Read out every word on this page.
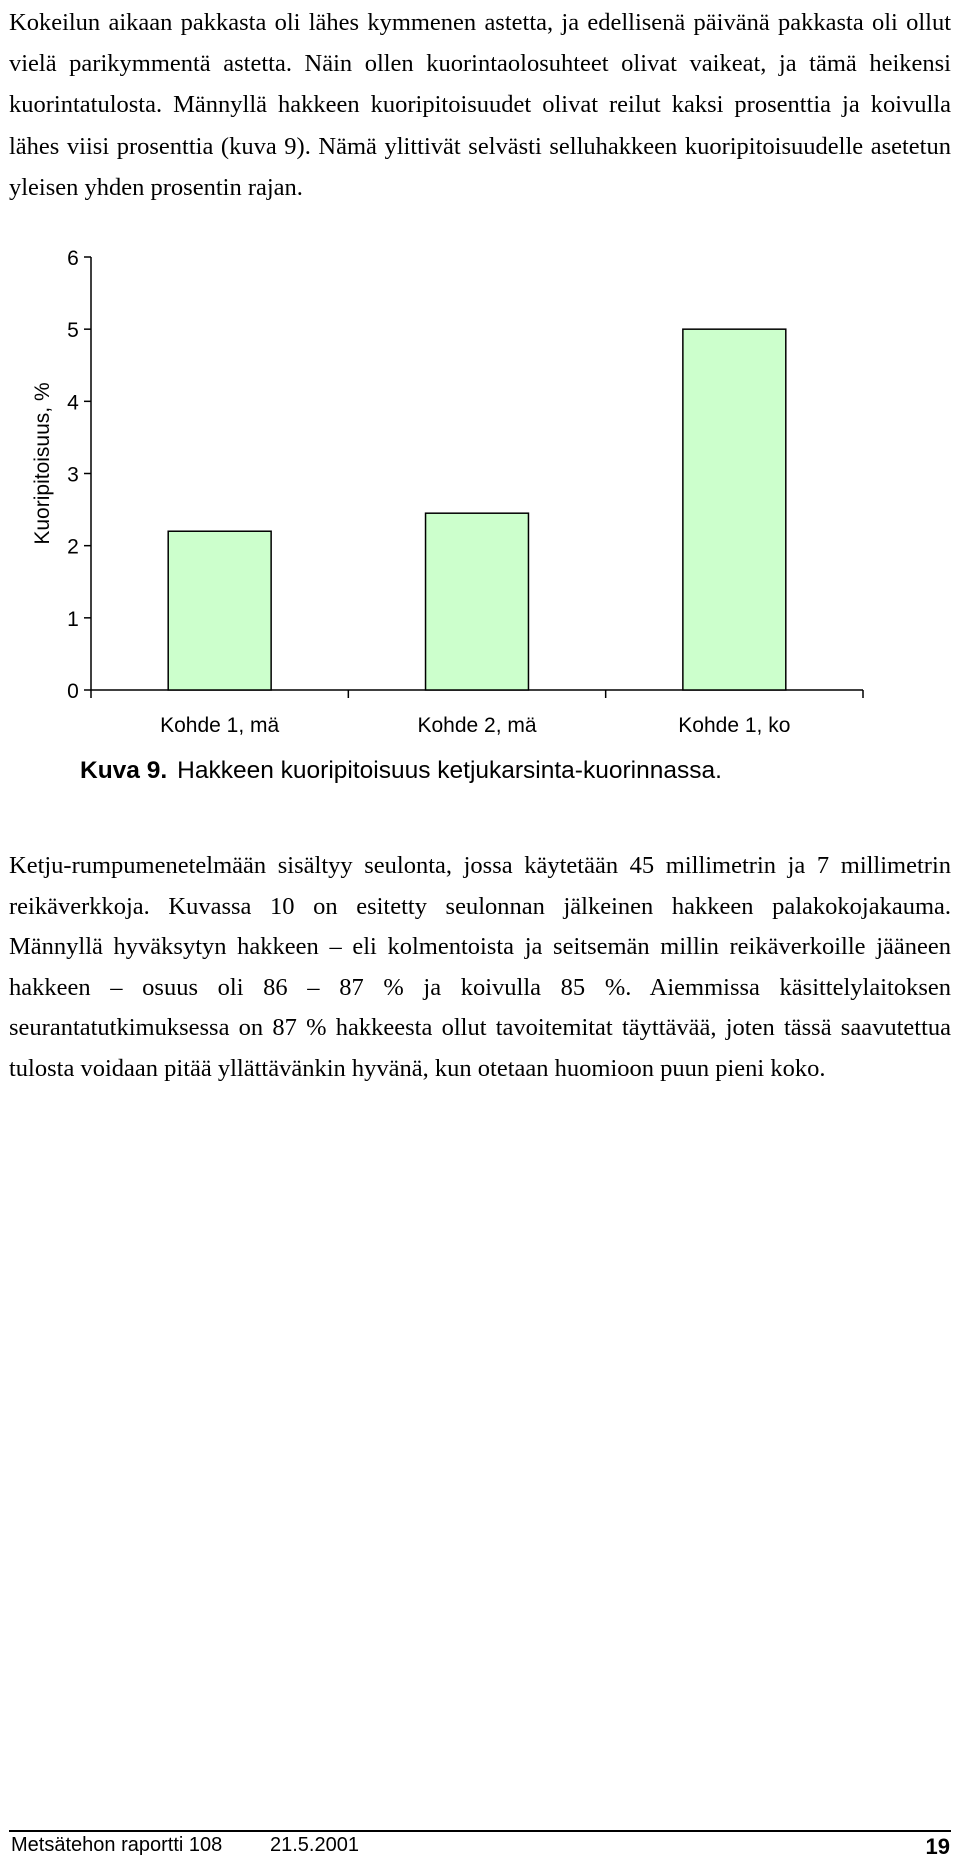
Kokeilun aikaan pakkasta oli lähes kymmenen astetta, ja edellisenä päivänä pakkasta oli ollut vielä parikymmentä astetta. Näin ollen kuorintaolosuhteet olivat vaikeat, ja tämä heikensi kuorintatulosta. Männyllä hakkeen kuoripitoisuudet olivat reilut kaksi prosenttia ja koivulla lähes viisi prosenttia (kuva 9). Nämä ylittivät selvästi selluhakkeen kuoripitoisuudelle asetetun yleisen yhden prosentin rajan.

0
1
2
3
4
5
6
Kohde 1, mä	Kohde 2, mä	Kohde 1, ko
Kuoripitoisuus, %
Kuva 9. Hakkeen kuoripitoisuus ketjukarsinta-kuorinnassa.

Ketju-rumpumenetelmään sisältyy seulonta, jossa käytetään 45 millimetrin ja 7 millimetrin reikäverkkoja. Kuvassa 10 on esitetty seulonnan jälkeinen hakkeen palakokojakauma. Männyllä hyväksytyn hakkeen – eli kolmentoista ja seitsemän millin reikäverkoille jääneen hakkeen – osuus oli 86 – 87 % ja koivulla 85 %. Aiemmissa käsittelylaitoksen seurantatutkimuksessa on 87 % hakkeesta ollut tavoitemitat täyttävää, joten tässä saavutettua tulosta voidaan pitää yllättävänkin hyvänä, kun otetaan huomioon puun pieni koko.

Metsätehon raportti 108 21.5.2001	19
